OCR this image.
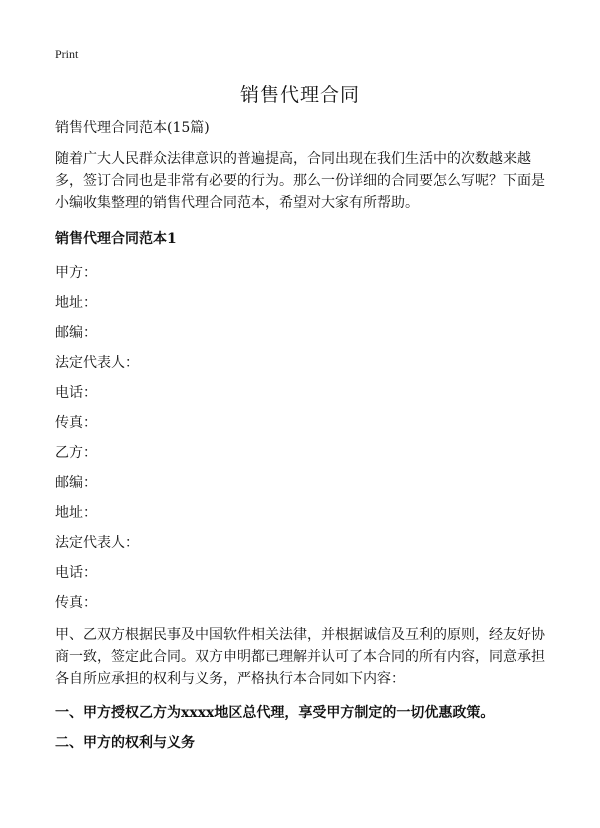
Print
销售代理合同

销售代理合同范本(15篇)

随着广大人民群众法律意识的普遍提高，合同出现在我们生活中的次数越来越多，签订合同也是非常有必要的行为。那么一份详细的合同要怎么写呢？下面是小编收集整理的销售代理合同范本，希望对大家有所帮助。

销售代理合同范本1

甲方：

地址：

邮编：

法定代表人：

电话：

传真：

乙方：

邮编：

地址：

法定代表人：

电话：

传真：

甲、乙双方根据民事及中国软件相关法律，并根据诚信及互利的原则，经友好协商一致，签定此合同。双方申明都已理解并认可了本合同的所有内容，同意承担各自所应承担的权利与义务，严格执行本合同如下内容：

一、甲方授权乙方为xxxx地区总代理，享受甲方制定的一切优惠政策。

二、甲方的权利与义务
